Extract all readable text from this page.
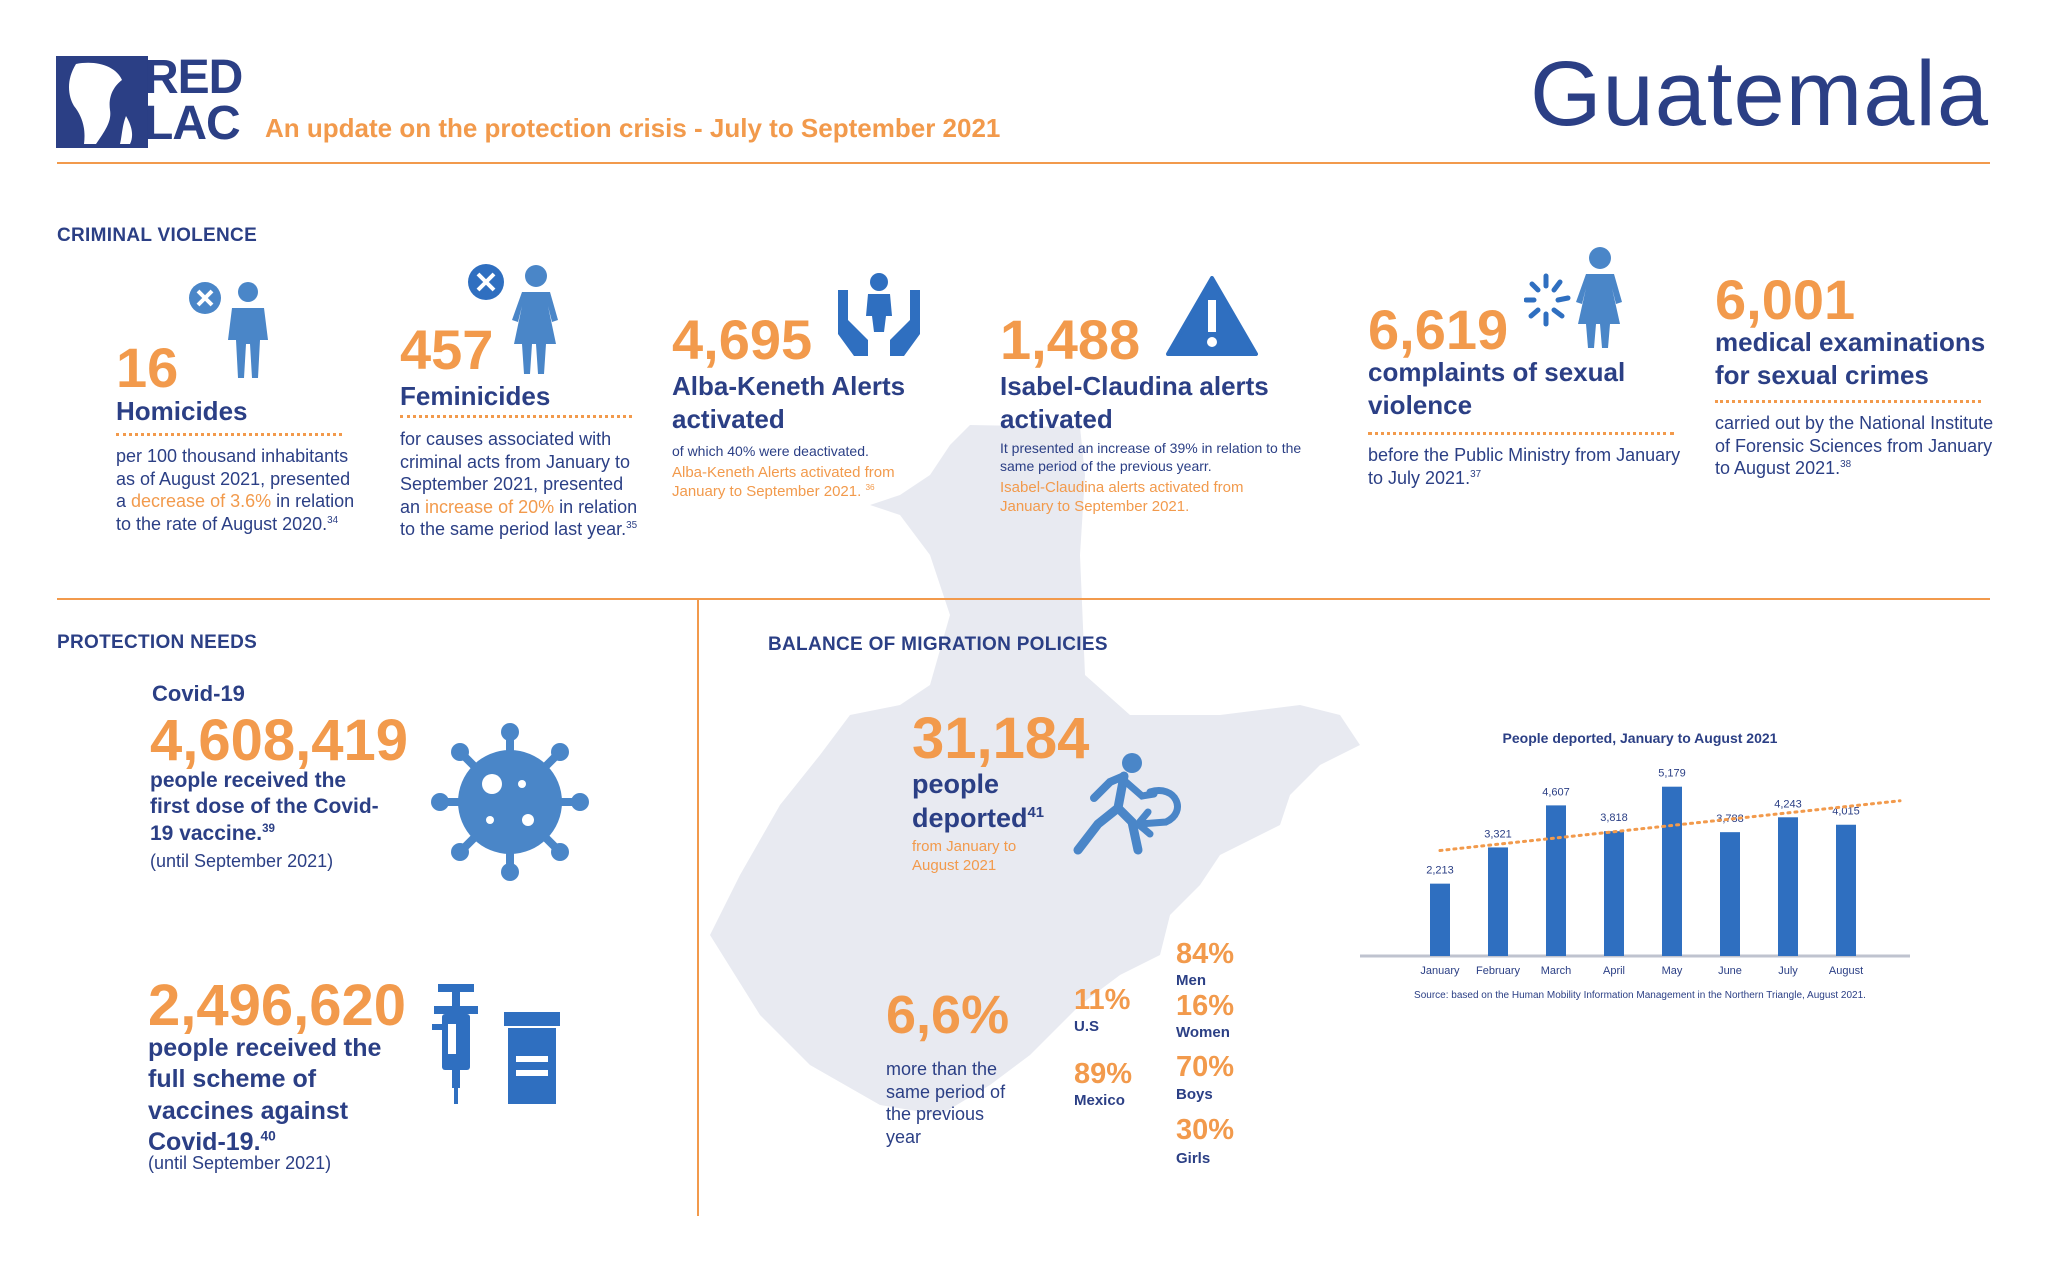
RED
LAC An update on the protection crisis - July to September 2021	Guatemala
CRIMINAL VIOLENCE
16
Homicides
per 100 thousand inhabitants as of August 2021, presented a decrease of 3.6% in relation to the rate of August 2020.34
457
Feminicides
for causes associated with criminal acts from January to September 2021, presented an increase of 20% in relation to the same period last year.$^{35}$
4,695
Alba-Keneth Alerts activated
of which 40% were deactivated.
Alba-Keneth Alerts activated from January to September 2021. $^{36}$
1,488
Isabel-Claudina alerts activated
It presented an increase of 39% in relation to the same period of the previous yearr.
Isabel-Claudina alerts activated from January to September 2021.
6,619
complaints of sexual violence
before the Public Ministry from January to July 2021.37
6,001
medical examinations for sexual crimes
carried out by the National Institute of Forensic Sciences from January to August 2021.38
PROTECTION NEEDS
Covid-19
4,608,419
people received the first dose of the Covid-19 vaccine.$^{39}$
(until September 2021)
2,496,620
people received the full scheme of vaccines against Covid-19.40
(until September 2021)
BALANCE OF MIGRATION POLICIES
31,184
people deported$^{41}$
from January to August 2021
6,6%
more than the same period of the previous year
11%
U.S
89%
Mexico
84%
Men
16%
Women
70%
Boys
30%
Girls
People deported, January to August 2021
2,213
January
3,321
February
4,607
March
3,818
April
5,179
May
3,788
June
4,243
July
4,015
August
Source: based on the Human Mobility Information Management in the Northern Triangle, August 2021.
